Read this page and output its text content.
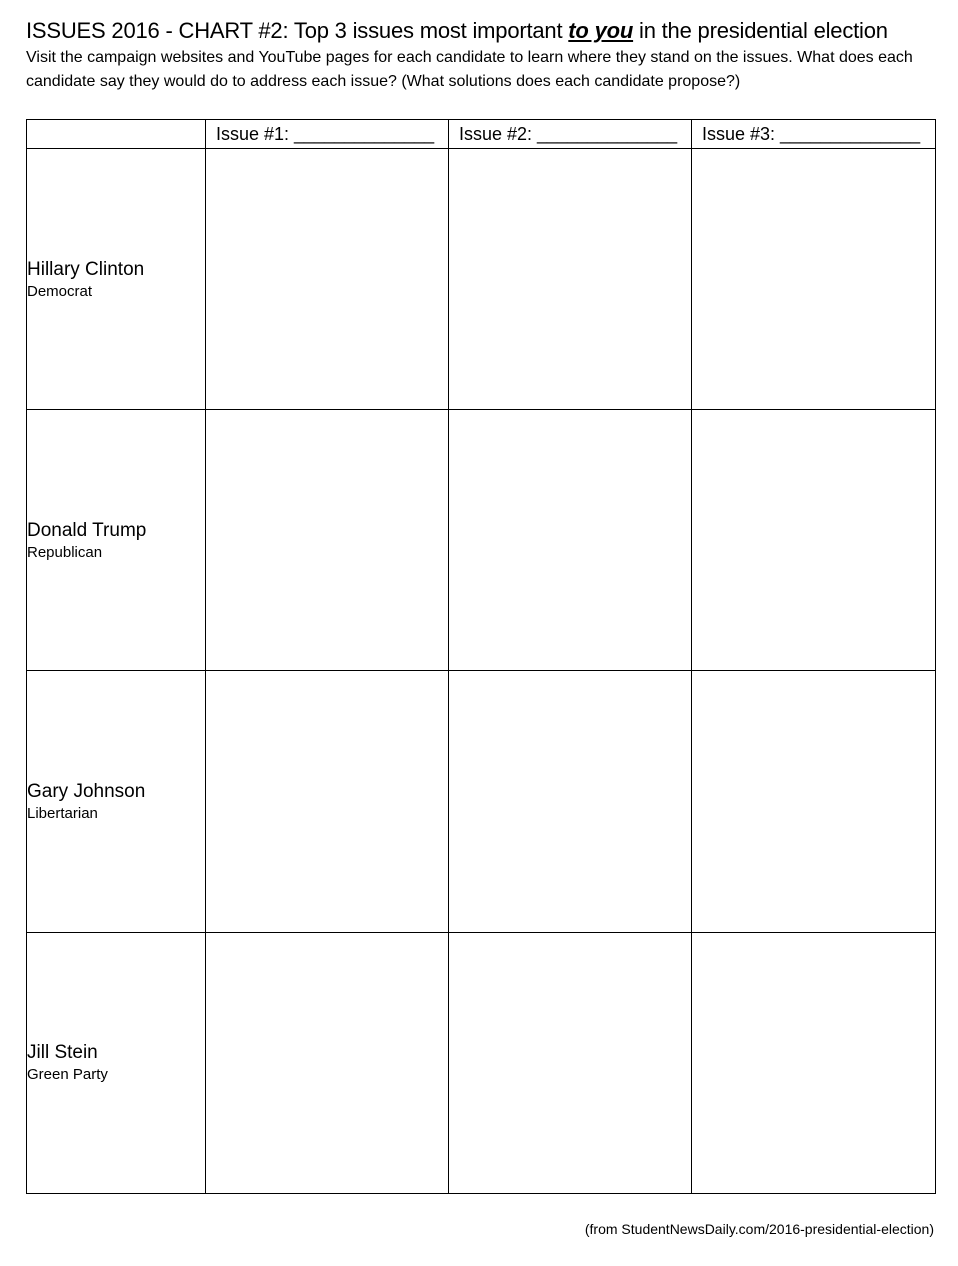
ISSUES 2016 - CHART #2: Top 3 issues most important to you in the presidential election
Visit the campaign websites and YouTube pages for each candidate to learn where they stand on the issues. What does each candidate say they would do to address each issue? (What solutions does each candidate propose?)
	Issue #1: ______________	Issue #2: ______________	Issue #3: ______________

Hillary Clinton
Democrat			

Donald Trump
Republican			

Gary Johnson
Libertarian			

Jill Stein
Green Party			

(from StudentNewsDaily.com/2016-presidential-election)
